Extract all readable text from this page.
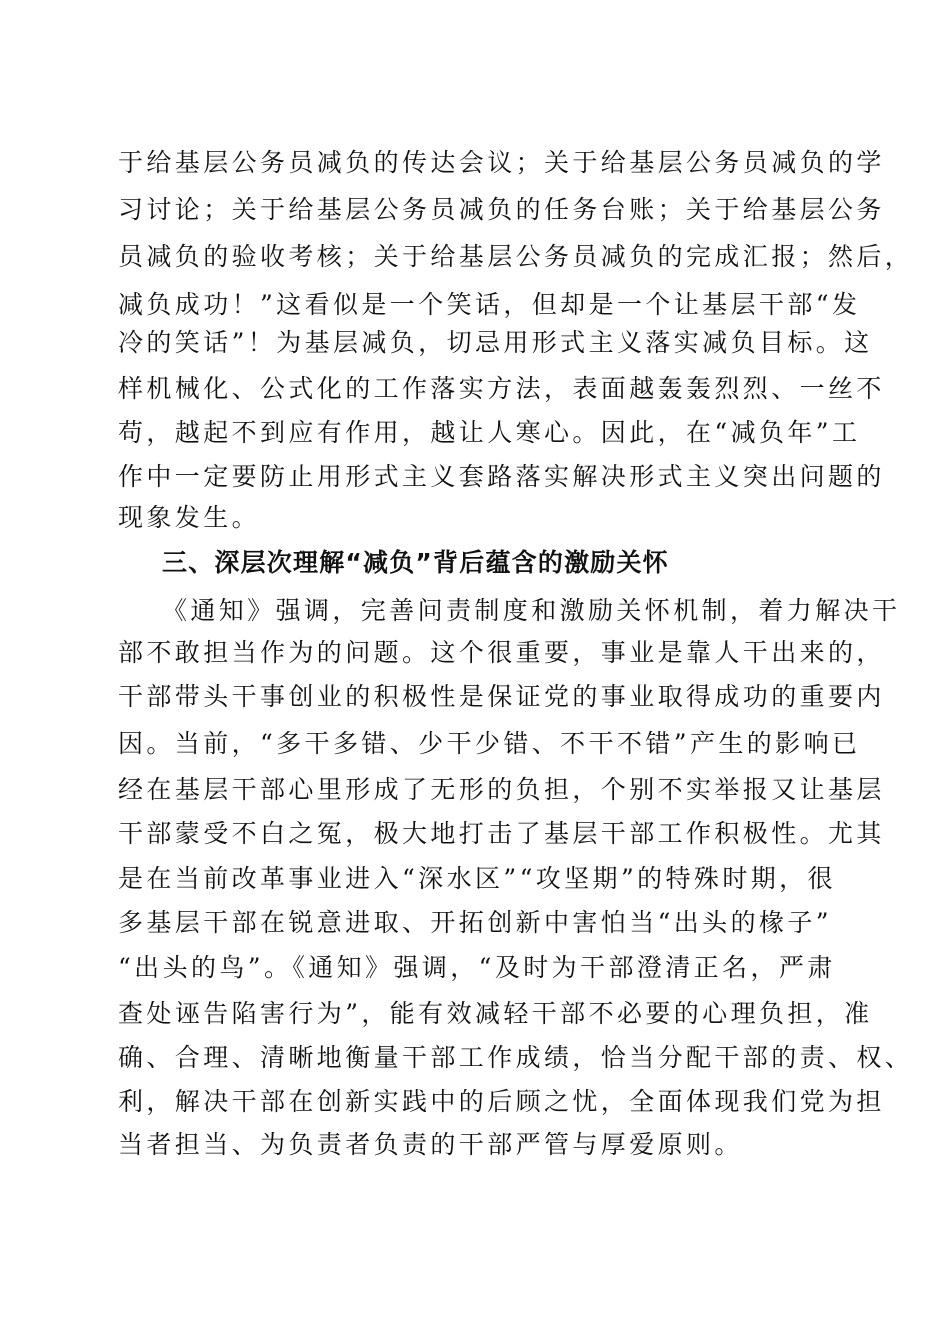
于给基层公务员减负的传达会议；关于给基层公务员减负的学
习讨论；关于给基层公务员减负的任务台账；关于给基层公务
员减负的验收考核；关于给基层公务员减负的完成汇报；然后，
减负成功！”这看似是一个笑话，但却是一个让基层干部“发
冷的笑话”！为基层减负，切忌用形式主义落实减负目标。这
样机械化、公式化的工作落实方法，表面越轰轰烈烈、一丝不
苟，越起不到应有作用，越让人寒心。因此，在“减负年”工
作中一定要防止用形式主义套路落实解决形式主义突出问题的
现象发生。
三、深层次理解“减负”背后蕴含的激励关怀
《通知》强调，完善问责制度和激励关怀机制，着力解决干
部不敢担当作为的问题。这个很重要，事业是靠人干出来的，
干部带头干事创业的积极性是保证党的事业取得成功的重要内
因。当前，“多干多错、少干少错、不干不错”产生的影响已
经在基层干部心里形成了无形的负担，个别不实举报又让基层
干部蒙受不白之冤，极大地打击了基层干部工作积极性。尤其
是在当前改革事业进入“深水区”“攻坚期”的特殊时期，很
多基层干部在锐意进取、开拓创新中害怕当“出头的椽子”
“出头的鸟”。《通知》强调，“及时为干部澄清正名，严肃
查处诬告陷害行为”，能有效减轻干部不必要的心理负担，准
确、合理、清晰地衡量干部工作成绩，恰当分配干部的责、权、
利，解决干部在创新实践中的后顾之忧，全面体现我们党为担
当者担当、为负责者负责的干部严管与厚爱原则。
